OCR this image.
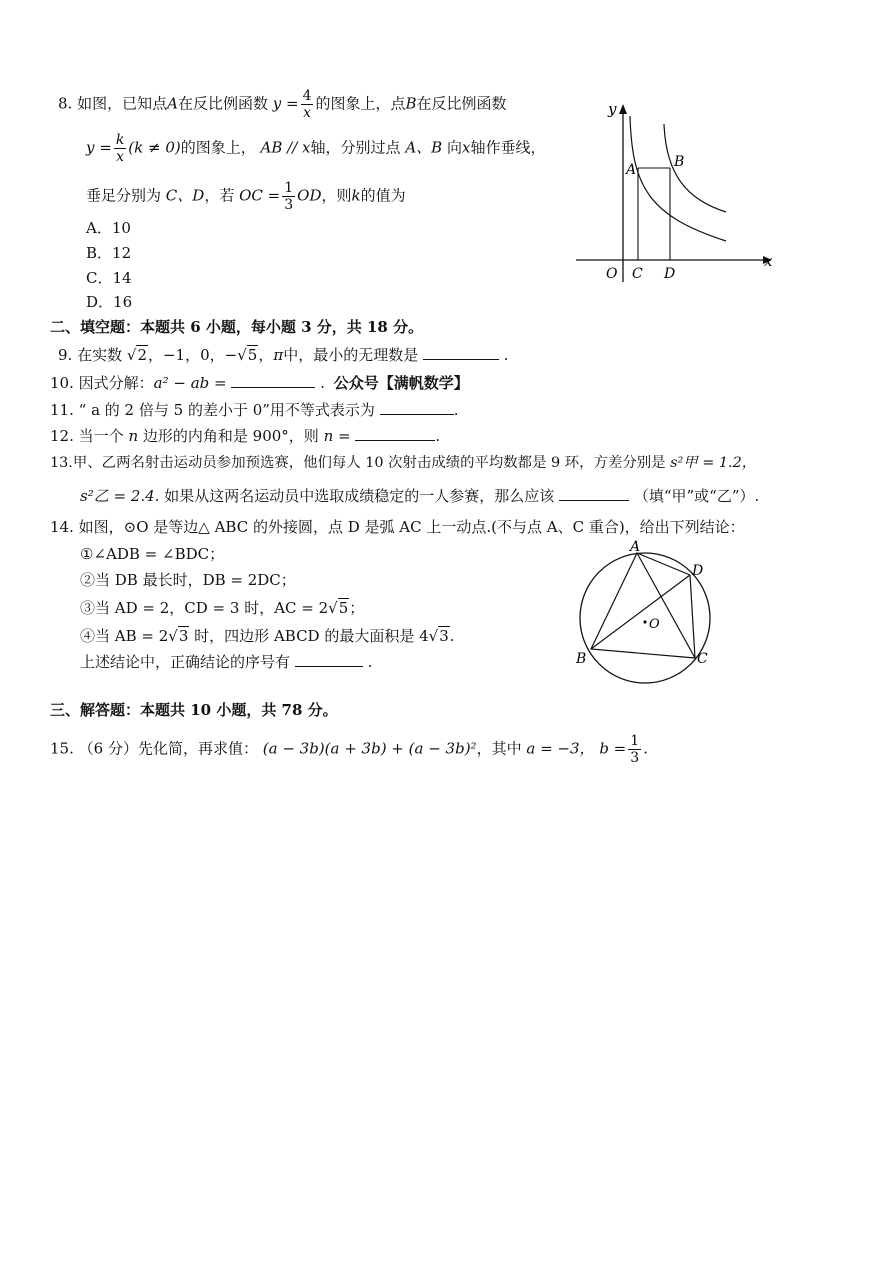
8. 如图，已知点A在反比例函数 $y = \frac{4}{x}$ 的图象上，点B在反比例函数
$y = \frac{k}{x} (k \ne 0)$的图象上， AB // x轴，分别过点 A、B 向x轴作垂线，
垂足分别为 C、D，若 OC = $\frac{1}{3}$ OD，则k的值为
A．10
B．12
C．14
D．16
y
x
O C D
A	B
二、填空题：本题共 6 小题，每小题 3 分，共 18 分。
9. 在实数 √2，−1，0，−√5，π中，最小的无理数是	.
10. 因式分解：a² − ab =	. 公众号【满帆数学】
11. “ a 的 2 倍与 5 的差小于 0”用不等式表示为	.
12. 当一个 n 边形的内角和是 900°，则 n =	.
13.甲、乙两名射击运动员参加预选赛，他们每人 10 次射击成绩的平均数都是 9 环，方差分别是 s²甲 = 1.2，
s²乙 = 2.4. 如果从这两名运动员中选取成绩稳定的一人参赛，那么应该	（填“甲”或“乙”）.
14. 如图，⊙O 是等边△ ABC 的外接圆，点 D 是弧 AC 上一动点.(不与点 A、C 重合)，给出下列结论：
①∠ADB = ∠BDC；
②当 DB 最长时，DB = 2DC；
③当 AD = 2，CD = 3 时，AC = 2√5；
④当 AB = 2√3 时，四边形 ABCD 的最大面积是 4√3.
上述结论中，正确结论的序号有	.
A
D
B	C
O
三、解答题：本题共 10 小题，共 78 分。
15. （6 分）先化简，再求值： (a − 3b)(a + 3b) + (a − 3b)²，其中 a = −3， $b = \frac{1}{3}$ .
